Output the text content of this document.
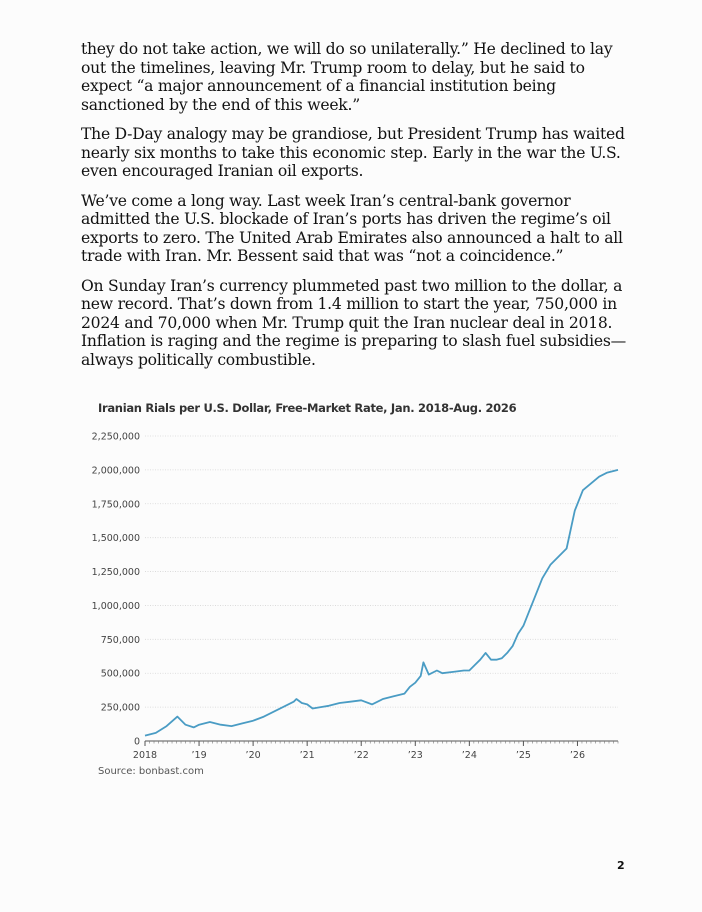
they do not take action, we will do so unilaterally.” He declined to lay out the timelines, leaving Mr. Trump room to delay, but he said to expect “a major announcement of a financial institution being sanctioned by the end of this week.”

The D-Day analogy may be grandiose, but President Trump has waited nearly six months to take this economic step. Early in the war the U.S. even encouraged Iranian oil exports.

We’ve come a long way. Last week Iran’s central-bank governor admitted the U.S. blockade of Iran’s ports has driven the regime’s oil exports to zero. The United Arab Emirates also announced a halt to all trade with Iran. Mr. Bessent said that was “not a coincidence.”

On Sunday Iran’s currency plummeted past two million to the dollar, a new record. That’s down from 1.4 million to start the year, 750,000 in 2024 and 70,000 when Mr. Trump quit the Iran nuclear deal in 2018. Inflation is raging and the regime is preparing to slash fuel subsidies—always politically combustible.

Iranian Rials per U.S. Dollar, Free-Market Rate, Jan. 2018-Aug. 2026
0
250,000
500,000
750,000
1,000,000
1,250,000
1,500,000
1,750,000
2,000,000
2,250,000
2018	’19	’20	’21	’22	’23	’24	’25	’26
Source: bonbast.com
2
